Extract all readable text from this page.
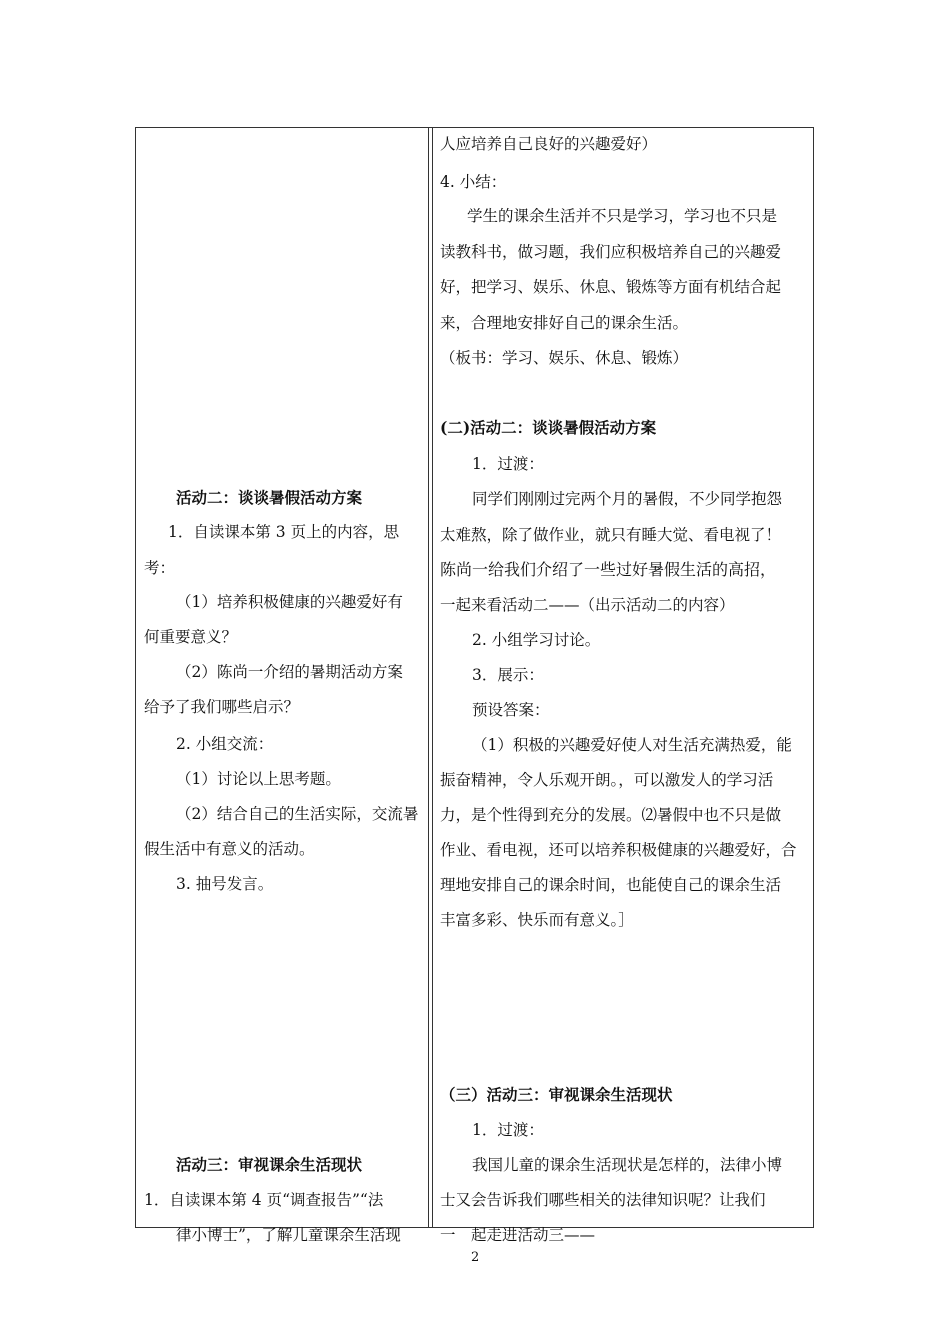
人应培养自己良好的兴趣爱好）
4. 小结：
学生的课余生活并不只是学习，学习也不只是
读教科书，做习题，我们应积极培养自己的兴趣爱
好，把学习、娱乐、休息、锻炼等方面有机结合起
来，合理地安排好自己的课余生活。
（板书：学习、娱乐、休息、锻炼）
(二)活动二：谈谈暑假活动方案
1．过渡：
同学们刚刚过完两个月的暑假，不少同学抱怨
太难熬，除了做作业，就只有睡大觉、看电视了！
陈尚一给我们介绍了一些过好暑假生活的高招，
一起来看活动二——（出示活动二的内容）
2. 小组学习讨论。
3．展示：
预设答案：
（1）积极的兴趣爱好使人对生活充满热爱，能
振奋精神，令人乐观开朗。，可以激发人的学习活
力，是个性得到充分的发展。⑵暑假中也不只是做
作业、看电视，还可以培养积极健康的兴趣爱好，合
理地安排自己的课余时间，也能使自己的课余生活
丰富多彩、快乐而有意义。］
（三）活动三：审视课余生活现状
1．过渡：
我国儿童的课余生活现状是怎样的，法律小博
士又会告诉我们哪些相关的法律知识呢？让我们
活动二：谈谈暑假活动方案
1．自读课本第 3 页上的内容，思
考：
（1）培养积极健康的兴趣爱好有
何重要意义？
（2）陈尚一介绍的暑期活动方案
给予了我们哪些启示？
2. 小组交流：
（1）讨论以上思考题。
（2）结合自己的生活实际，交流暑
假生活中有意义的活动。
3. 抽号发言。
活动三：审视课余生活现状
1．自读课本第 4 页“调查报告”“法
律小博士”，了解儿童课余生活现	一　起走进活动三——
2
